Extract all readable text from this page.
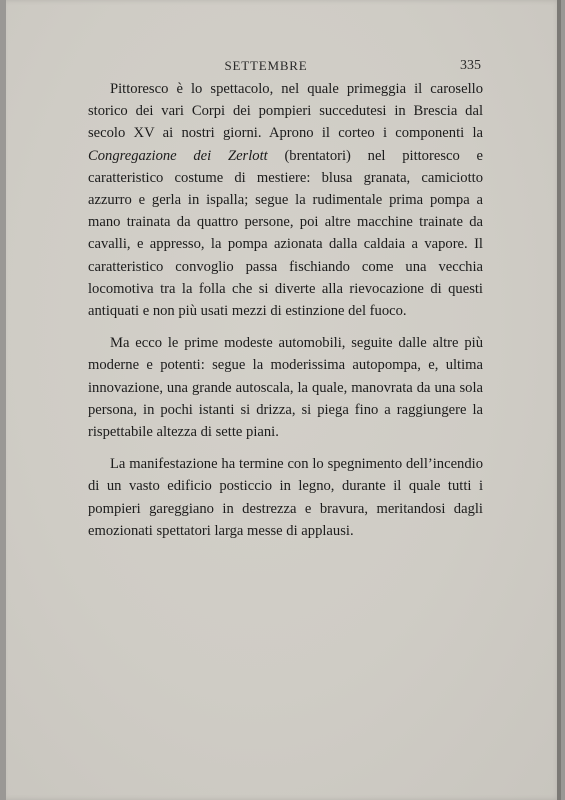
SETTEMBRE	335

Pittoresco è lo spettacolo, nel quale primeggia il carosello storico dei vari Corpi dei pompieri succedutesi in Brescia dal secolo XV ai nostri giorni. Aprono il corteo i componenti la Congregazione dei Zerlott (brentatori) nel pittoresco e caratteristico costume di mestiere: blusa granata, camiciotto azzurro e gerla in ispalla; segue la rudimentale prima pompa a mano trainata da quattro persone, poi altre macchine trainate da cavalli, e appresso, la pompa azionata dalla caldaia a vapore. Il caratteristico convoglio passa fischiando come una vecchia locomotiva tra la folla che si diverte alla rievocazione di questi antiquati e non più usati mezzi di estinzione del fuoco.

Ma ecco le prime modeste automobili, seguite dalle altre più moderne e potenti: segue la moderissima autopompa, e, ultima innovazione, una grande autoscala, la quale, manovrata da una sola persona, in pochi istanti si drizza, si piega fino a raggiungere la rispettabile altezza di sette piani.

La manifestazione ha termine con lo spegnimento dell’incendio di un vasto edificio posticcio in legno, durante il quale tutti i pompieri gareggiano in destrezza e bravura, meritandosi dagli emozionati spettatori larga messe di applausi.
